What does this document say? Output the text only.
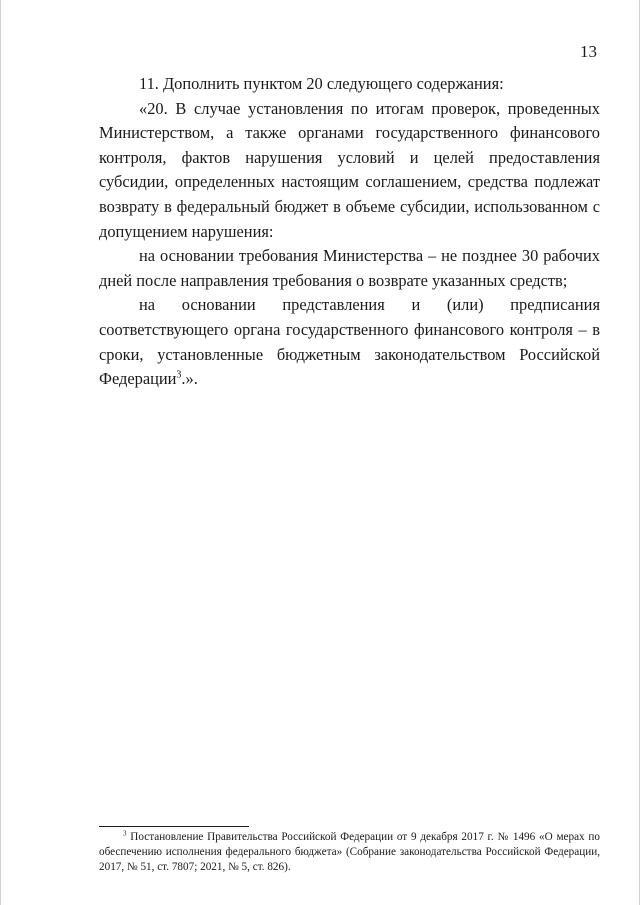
13

11. Дополнить пунктом 20 следующего содержания:

«20. В случае установления по итогам проверок, проведенных Министерством, а также органами государственного финансового контроля, фактов нарушения условий и целей предоставления субсидии, определенных настоящим соглашением, средства подлежат возврату в федеральный бюджет в объеме субсидии, использованном с допущением нарушения:

на основании требования Министерства – не позднее 30 рабочих дней после направления требования о возврате указанных средств;

на основании представления и (или) предписания соответствующего органа государственного финансового контроля – в сроки, установленные бюджетным законодательством Российской Федерации$^3$.».

$^3$ Постановление Правительства Российской Федерации от 9 декабря 2017 г. № 1496 «О мерах по обеспечению исполнения федерального бюджета» (Собрание законодательства Российской Федерации, 2017, № 51, ст. 7807; 2021, № 5, ст. 826).
